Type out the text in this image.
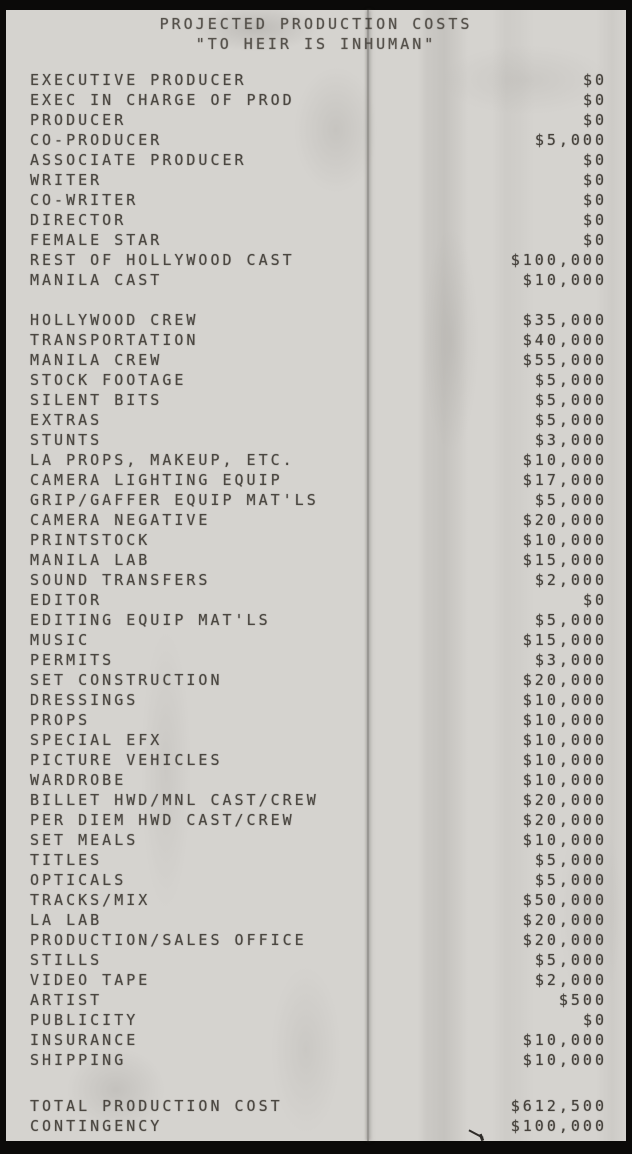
PROJECTED PRODUCTION COSTS
"TO HEIR IS INHUMAN"
EXECUTIVE PRODUCER	$0
EXEC IN CHARGE OF PROD	$0
PRODUCER	$0
CO-PRODUCER	$5,000
ASSOCIATE PRODUCER	$0
WRITER	$0
CO-WRITER	$0
DIRECTOR	$0
FEMALE STAR	$0
REST OF HOLLYWOOD CAST	$100,000
MANILA CAST	$10,000
HOLLYWOOD CREW	$35,000
TRANSPORTATION	$40,000
MANILA CREW	$55,000
STOCK FOOTAGE	$5,000
SILENT BITS	$5,000
EXTRAS	$5,000
STUNTS	$3,000
LA PROPS, MAKEUP, ETC.	$10,000
CAMERA LIGHTING EQUIP	$17,000
GRIP/GAFFER EQUIP MAT'LS	$5,000
CAMERA NEGATIVE	$20,000
PRINTSTOCK	$10,000
MANILA LAB	$15,000
SOUND TRANSFERS	$2,000
EDITOR	$0
EDITING EQUIP MAT'LS	$5,000
MUSIC	$15,000
PERMITS	$3,000
SET CONSTRUCTION	$20,000
DRESSINGS	$10,000
PROPS	$10,000
SPECIAL EFX	$10,000
PICTURE VEHICLES	$10,000
WARDROBE	$10,000
BILLET HWD/MNL CAST/CREW	$20,000
PER DIEM HWD CAST/CREW	$20,000
SET MEALS	$10,000
TITLES	$5,000
OPTICALS	$5,000
TRACKS/MIX	$50,000
LA LAB	$20,000
PRODUCTION/SALES OFFICE	$20,000
STILLS	$5,000
VIDEO TAPE	$2,000
ARTIST	$500
PUBLICITY	$0
INSURANCE	$10,000
SHIPPING	$10,000
TOTAL PRODUCTION COST	$612,500
CONTINGENCY	$100,000
